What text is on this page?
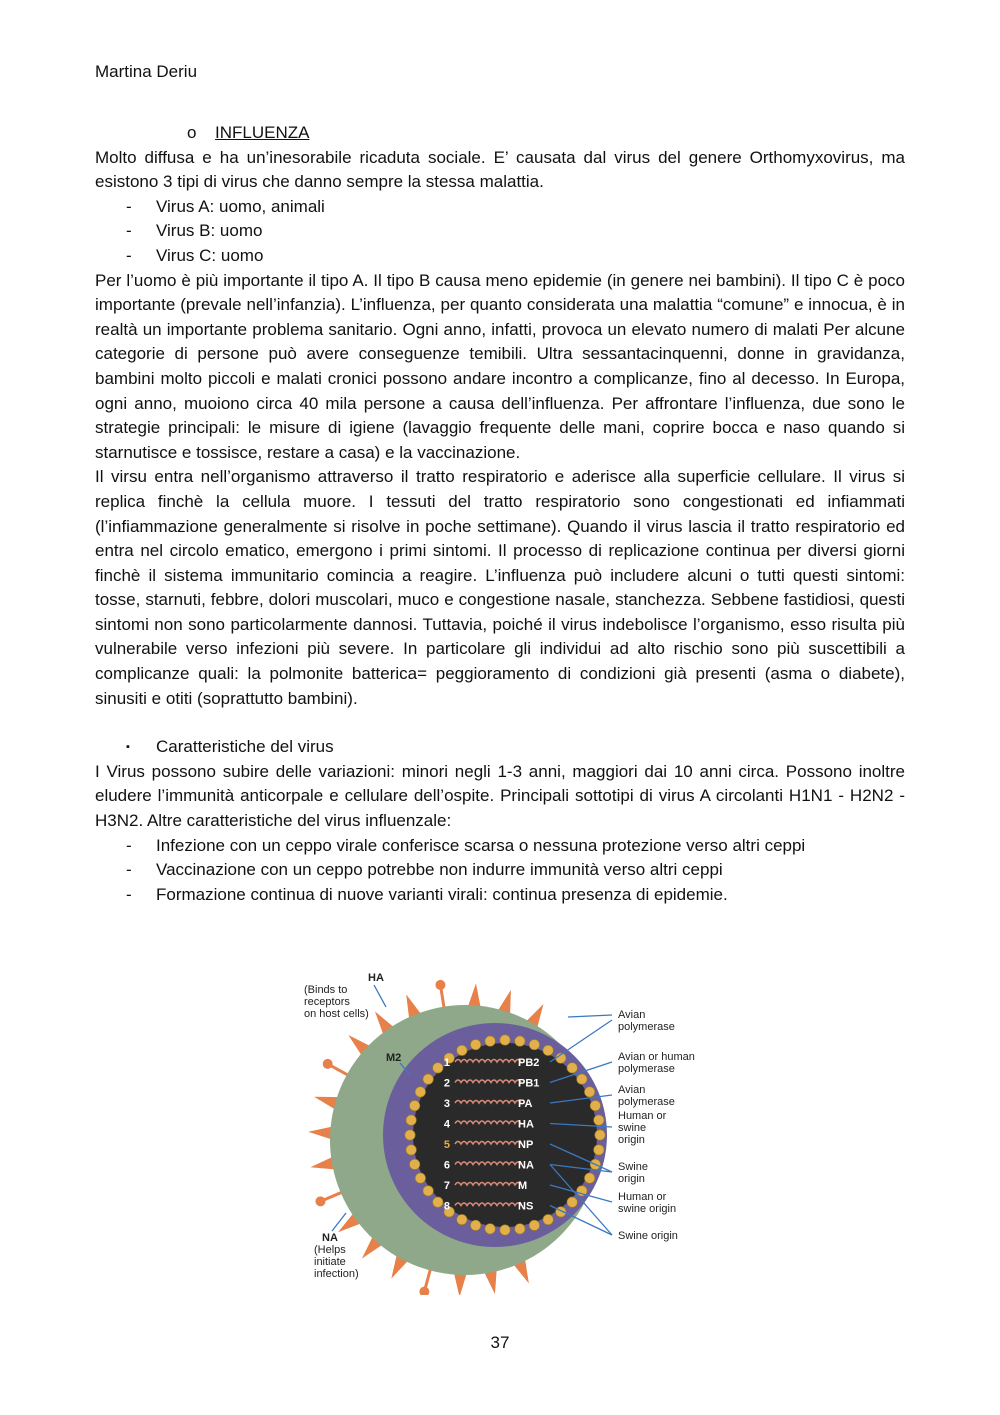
Martina Deriu

o INFLUENZA

Molto diffusa e ha un’inesorabile ricaduta sociale. E’ causata dal virus del genere Orthomyxovirus, ma esistono 3 tipi di virus che danno sempre la stessa malattia.

- Virus A: uomo, animali
- Virus B: uomo
- Virus C: uomo

Per l’uomo è più importante il tipo A. Il tipo B causa meno epidemie (in genere nei bambini). Il tipo C è poco importante (prevale nell’infanzia). L’influenza, per quanto considerata una malattia “comune” e innocua, è in realtà un importante problema sanitario. Ogni anno, infatti, provoca un elevato numero di malati Per alcune categorie di persone può avere conseguenze temibili. Ultra sessantacinquenni, donne in gravidanza, bambini molto piccoli e malati cronici possono andare incontro a complicanze, fino al decesso. In Europa, ogni anno, muoiono circa 40 mila persone a causa dell’influenza. Per affrontare l’influenza, due sono le strategie principali: le misure di igiene (lavaggio frequente delle mani, coprire bocca e naso quando si starnutisce e tossisce, restare a casa) e la vaccinazione.

Il virsu entra nell’organismo attraverso il tratto respiratorio e aderisce alla superficie cellulare. Il virus si replica finchè la cellula muore. I tessuti del tratto respiratorio sono congestionati ed infiammati (l’infiammazione generalmente si risolve in poche settimane). Quando il virus lascia il tratto respiratorio ed entra nel circolo ematico, emergono i primi sintomi. Il processo di replicazione continua per diversi giorni finchè il sistema immunitario comincia a reagire. L’influenza può includere alcuni o tutti questi sintomi: tosse, starnuti, febbre, dolori muscolari, muco e congestione nasale, stanchezza. Sebbene fastidiosi, questi sintomi non sono particolarmente dannosi. Tuttavia, poiché il virus indebolisce l’organismo, esso risulta più vulnerabile verso infezioni più severe. In particolare gli individui ad alto rischio sono più suscettibili a complicanze quali: la polmonite batterica= peggioramento di condizioni già presenti (asma o diabete), sinusiti e otiti (soprattutto bambini).

▪ Caratteristiche del virus

I Virus possono subire delle variazioni: minori negli 1-3 anni, maggiori dai 10 anni circa. Possono inoltre eludere l’immunità anticorpale e cellulare dell’ospite. Principali sottotipi di virus A circolanti H1N1 - H2N2 - H3N2. Altre caratteristiche del virus influenzale:

- Infezione con un ceppo virale conferisce scarsa o nessuna protezione verso altri ceppi
- Vaccinazione con un ceppo potrebbe non indurre immunità verso altri ceppi
- Formazione continua di nuove varianti virali: continua presenza di epidemie.
1	PB2
2	PB1
3	PA
4	HA
5	NP
6	NA
7	M
8	NS
Avian polymerase
Avian or human polymerase
Avian polymerase
Human or swine origin
Swine origin
Human or swine origin
Swine origin
HA
(Binds to receptors on host cells)
M2
NA
(Helps initiate infection)
37
